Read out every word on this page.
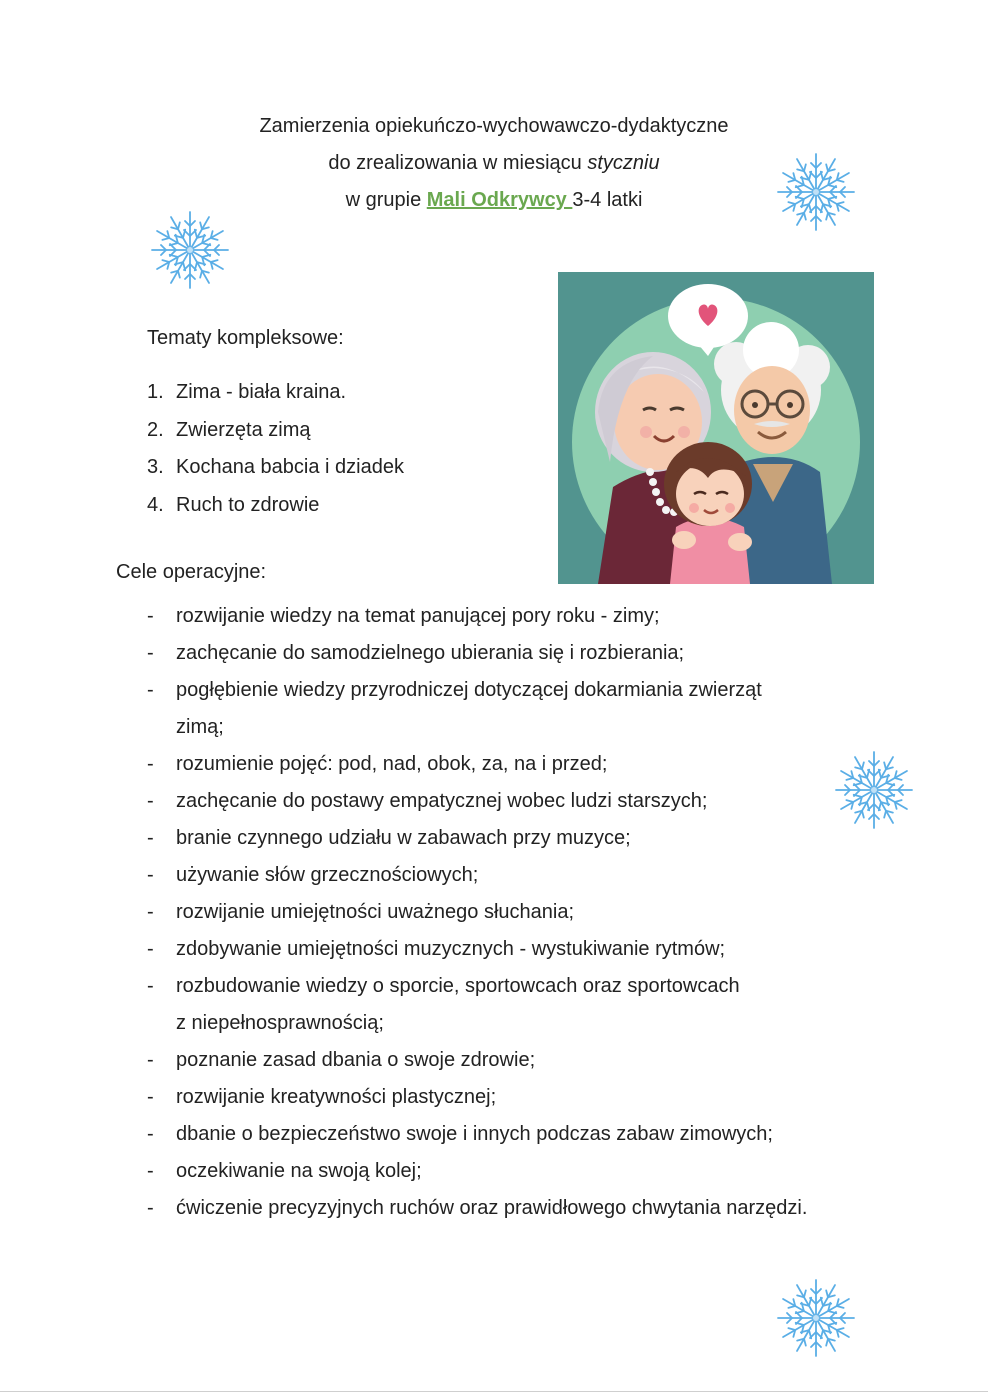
Zamierzenia opiekuńczo-wychowawczo-dydaktyczne
do zrealizowania w miesiącu styczniu
w grupie Mali Odkrywcy 3-4 latki
Tematy kompleksowe:
1. Zima - biała kraina.
2. Zwierzęta zimą
3. Kochana babcia i dziadek
4. Ruch to zdrowie
Cele operacyjne:
- rozwijanie wiedzy na temat panującej pory roku - zimy;
- zachęcanie do samodzielnego ubierania się i rozbierania;
- pogłębienie wiedzy przyrodniczej dotyczącej dokarmiania zwierząt
zimą;
- rozumienie pojęć: pod, nad, obok, za, na i przed;
- zachęcanie do postawy empatycznej wobec ludzi starszych;
- branie czynnego udziału w zabawach przy muzyce;
- używanie słów grzecznościowych;
- rozwijanie umiejętności uważnego słuchania;
- zdobywanie umiejętności muzycznych - wystukiwanie rytmów;
- rozbudowanie wiedzy o sporcie, sportowcach oraz sportowcach
z niepełnosprawnością;
- poznanie zasad dbania o swoje zdrowie;
- rozwijanie kreatywności plastycznej;
- dbanie o bezpieczeństwo swoje i innych podczas zabaw zimowych;
- oczekiwanie na swoją kolej;
- ćwiczenie precyzyjnych ruchów oraz prawidłowego chwytania narzędzi.
